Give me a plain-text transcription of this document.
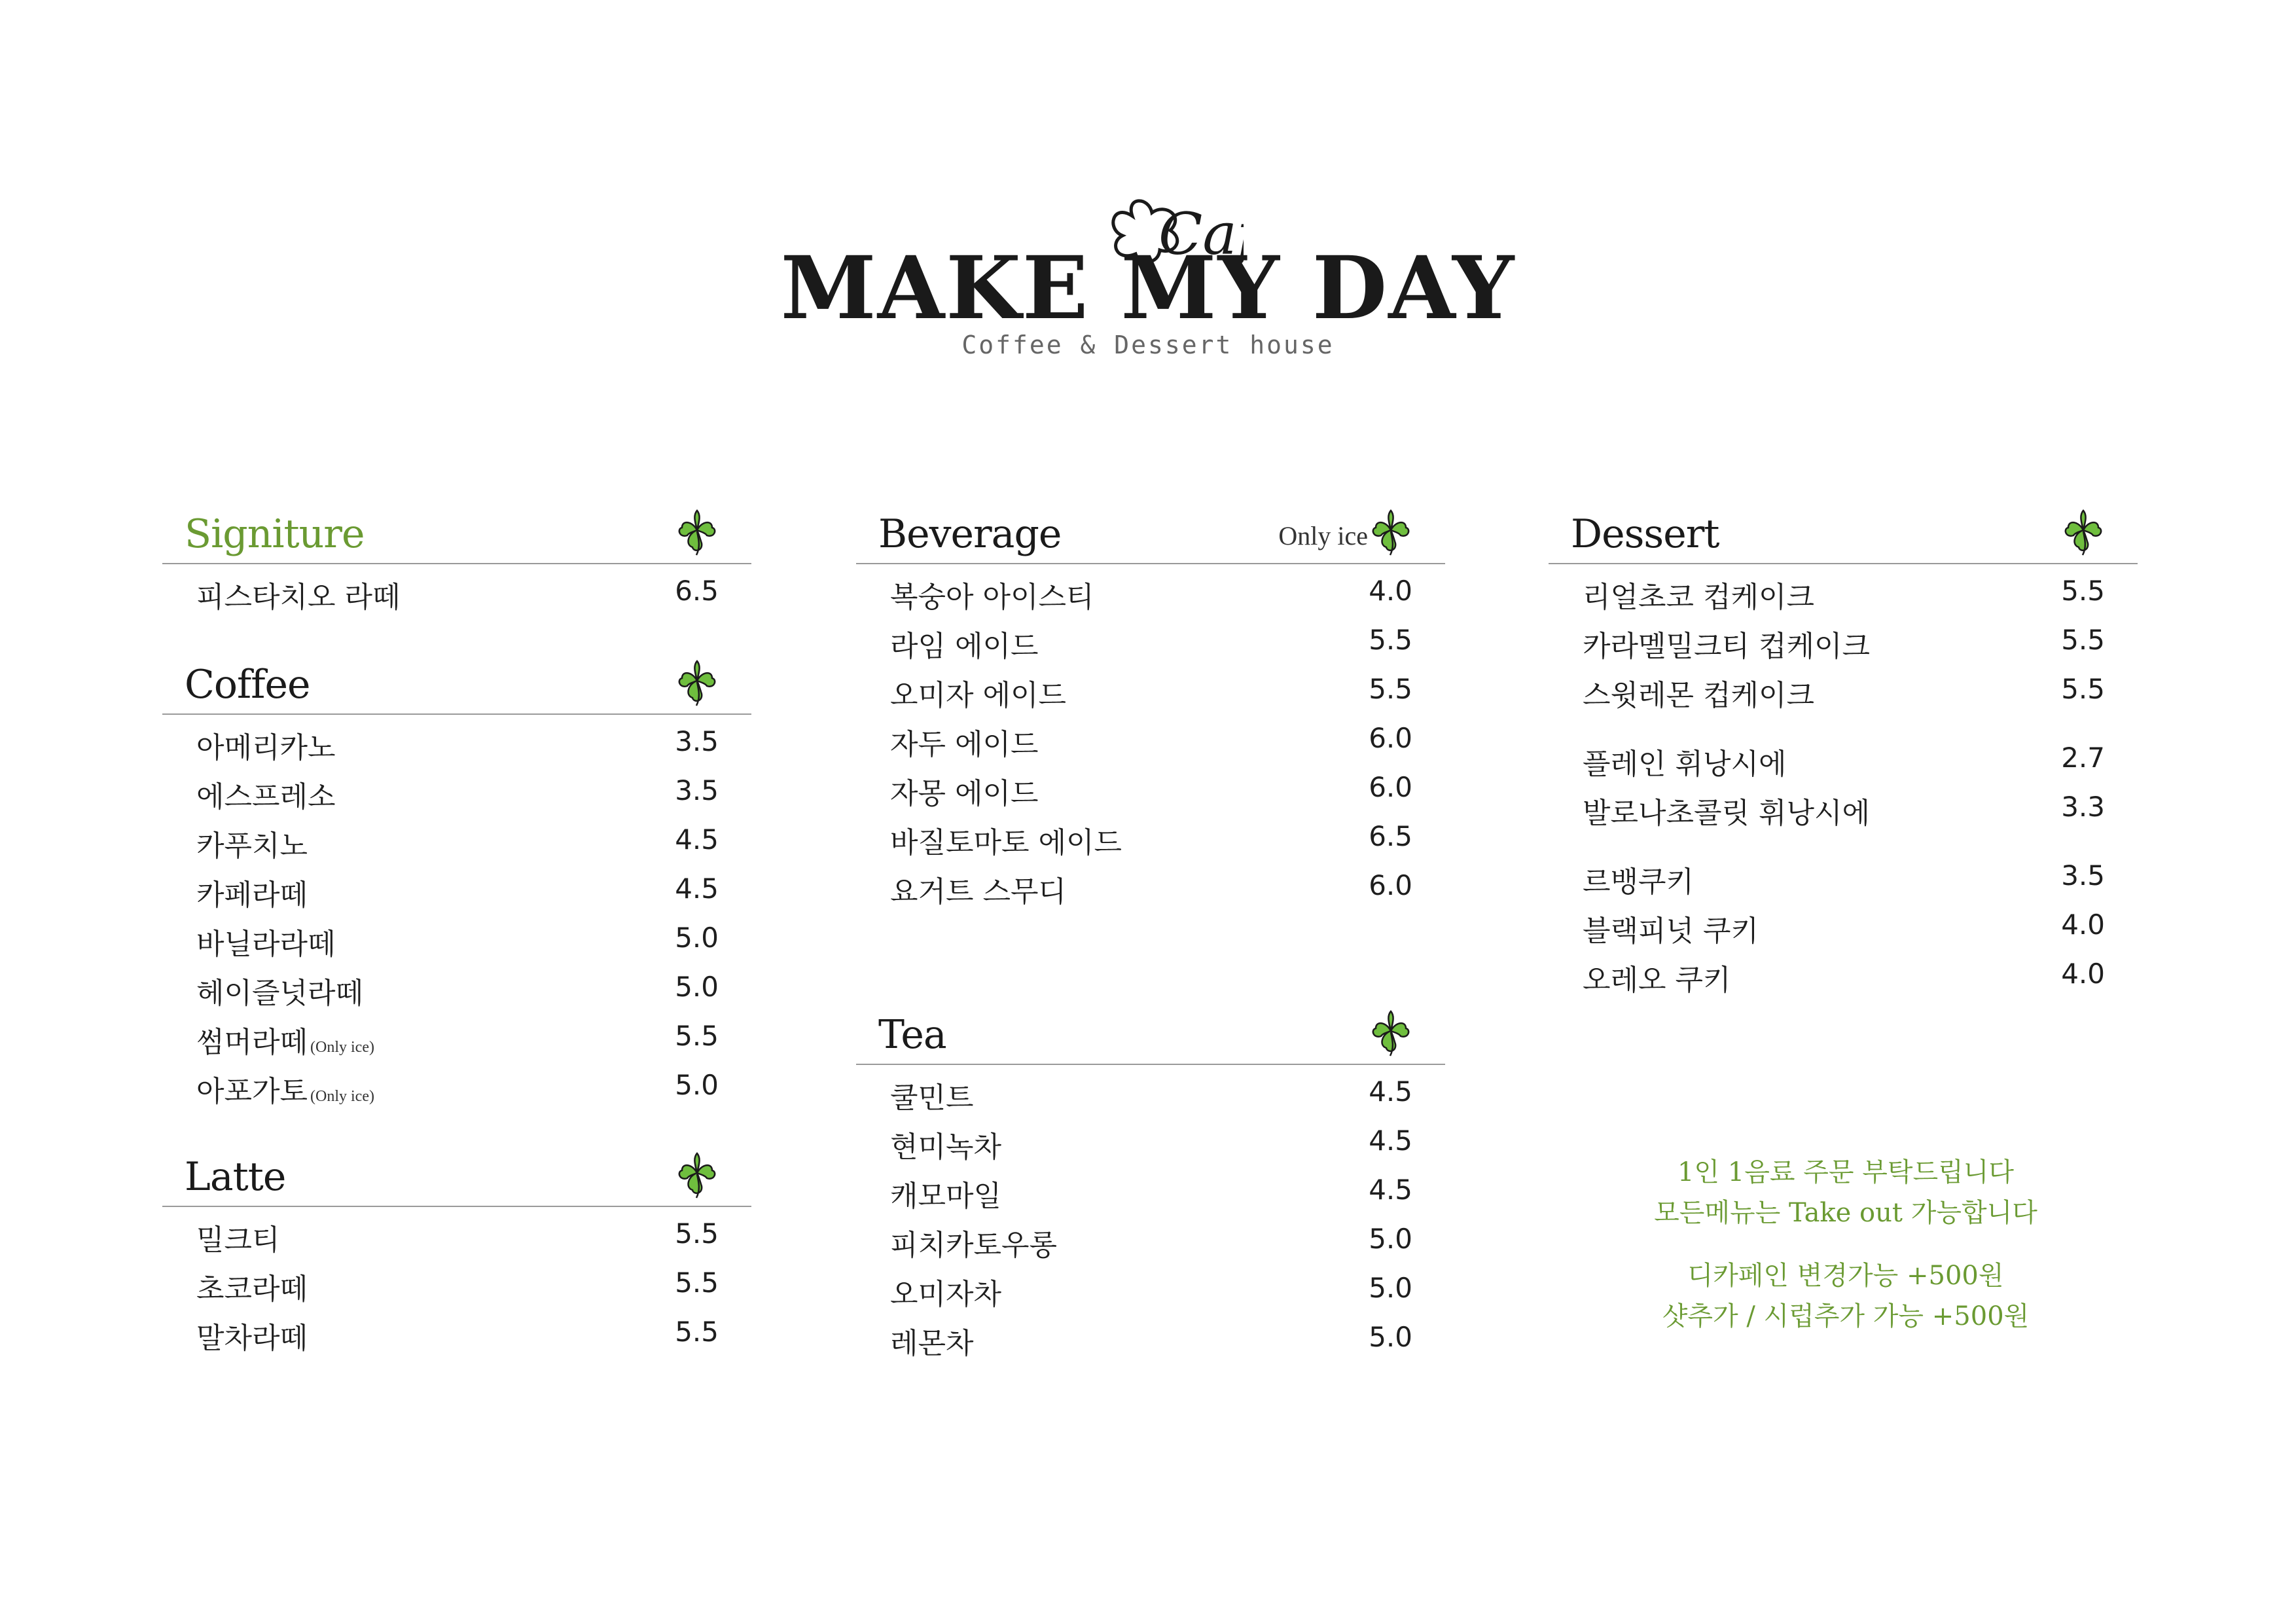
Ca
MAKE MY DAY
Coffee & Dessert house
Signiture
피스타치오 라떼	6.5
Coffee
아메리카노	3.5
에스프레소	3.5
카푸치노	4.5
카페라떼	4.5
바닐라라떼	5.0
헤이즐넛라떼	5.0
썸머라떼 (Only ice)	5.5
아포가토 (Only ice)	5.0
Latte
밀크티	5.5
초코라떼	5.5
말차라떼	5.5
Beverage	Only ice
복숭아 아이스티	4.0
라임 에이드	5.5
오미자 에이드	5.5
자두 에이드	6.0
자몽 에이드	6.0
바질토마토 에이드	6.5
요거트 스무디	6.0
Tea
쿨민트	4.5
현미녹차	4.5
캐모마일	4.5
피치카토우롱	5.0
오미자차	5.0
레몬차	5.0
Dessert
리얼초코 컵케이크	5.5
카라멜밀크티 컵케이크	5.5
스윗레몬 컵케이크	5.5
플레인 휘낭시에	2.7
발로나초콜릿 휘낭시에	3.3
르뱅쿠키	3.5
블랙피넛 쿠키	4.0
오레오 쿠키	4.0

1인 1음료 주문 부탁드립니다

모든메뉴는 Take out 가능합니다

디카페인 변경가능 +500원

샷추가 / 시럽추가 가능 +500원
